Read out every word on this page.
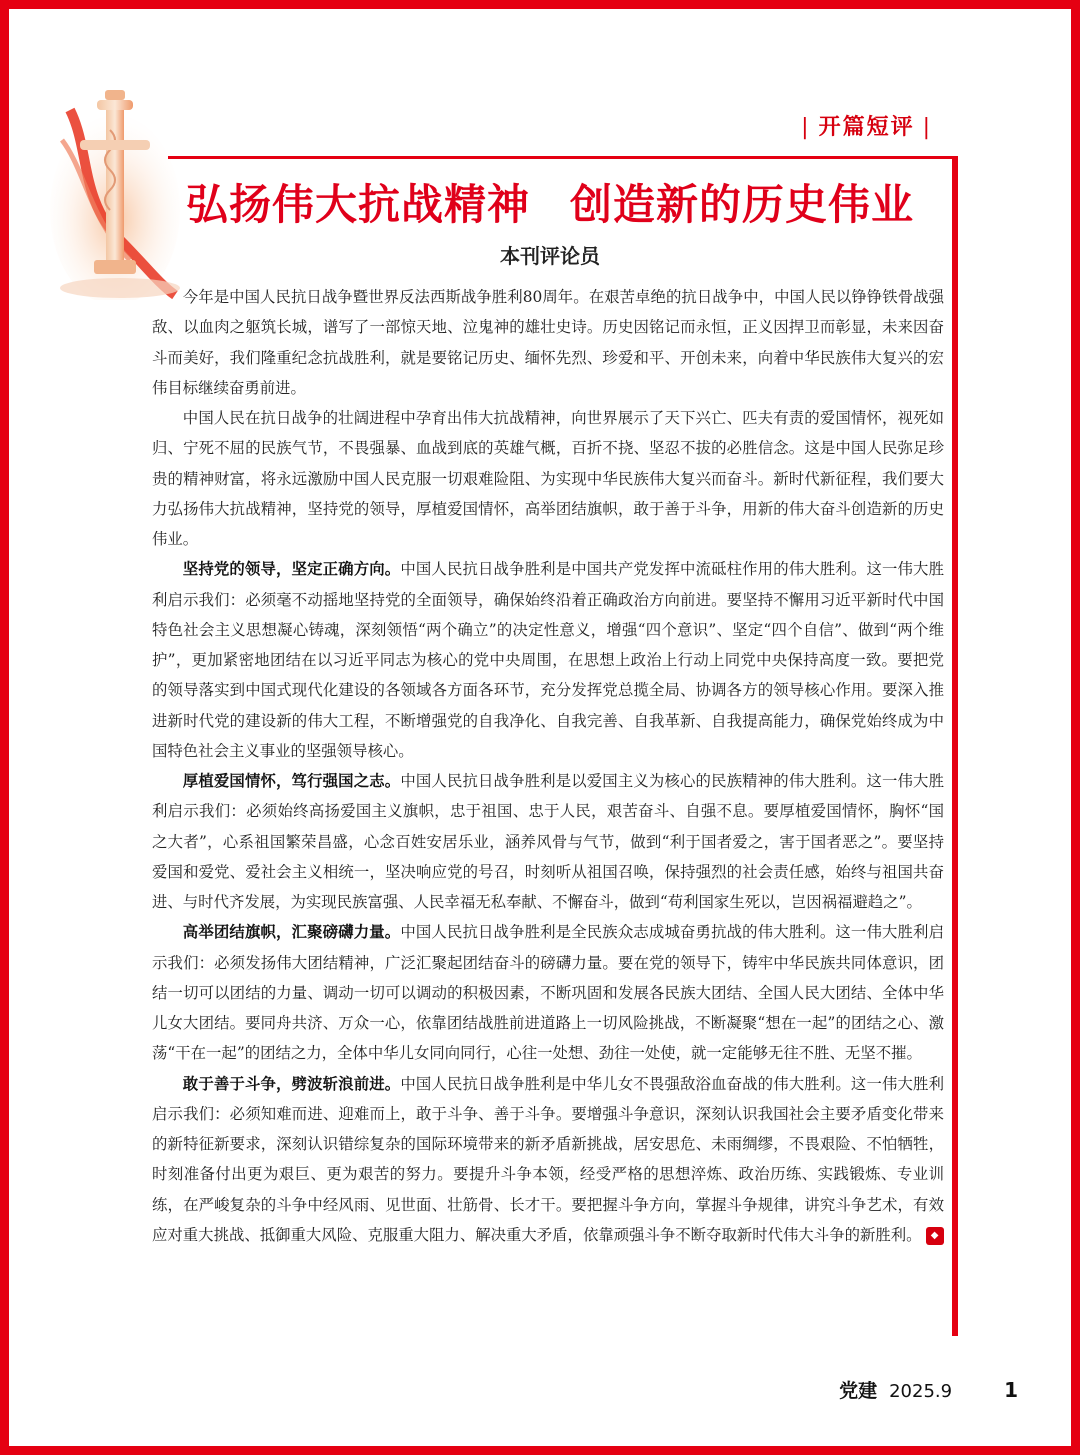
| 开篇短评 |
弘扬伟大抗战精神 创造新的历史伟业
本刊评论员

今年是中国人民抗日战争暨世界反法西斯战争胜利80周年。在艰苦卓绝的抗日战争中，中国人民以铮铮铁骨战强敌、以血肉之躯筑长城，谱写了一部惊天地、泣鬼神的雄壮史诗。历史因铭记而永恒，正义因捍卫而彰显，未来因奋斗而美好，我们隆重纪念抗战胜利，就是要铭记历史、缅怀先烈、珍爱和平、开创未来，向着中华民族伟大复兴的宏伟目标继续奋勇前进。

中国人民在抗日战争的壮阔进程中孕育出伟大抗战精神，向世界展示了天下兴亡、匹夫有责的爱国情怀，视死如归、宁死不屈的民族气节，不畏强暴、血战到底的英雄气概，百折不挠、坚忍不拔的必胜信念。这是中国人民弥足珍贵的精神财富，将永远激励中国人民克服一切艰难险阻、为实现中华民族伟大复兴而奋斗。新时代新征程，我们要大力弘扬伟大抗战精神，坚持党的领导，厚植爱国情怀，高举团结旗帜，敢于善于斗争，用新的伟大奋斗创造新的历史伟业。

坚持党的领导，坚定正确方向。中国人民抗日战争胜利是中国共产党发挥中流砥柱作用的伟大胜利。这一伟大胜利启示我们：必须毫不动摇地坚持党的全面领导，确保始终沿着正确政治方向前进。要坚持不懈用习近平新时代中国特色社会主义思想凝心铸魂，深刻领悟“两个确立”的决定性意义，增强“四个意识”、坚定“四个自信”、做到“两个维护”，更加紧密地团结在以习近平同志为核心的党中央周围，在思想上政治上行动上同党中央保持高度一致。要把党的领导落实到中国式现代化建设的各领域各方面各环节，充分发挥党总揽全局、协调各方的领导核心作用。要深入推进新时代党的建设新的伟大工程，不断增强党的自我净化、自我完善、自我革新、自我提高能力，确保党始终成为中国特色社会主义事业的坚强领导核心。

厚植爱国情怀，笃行强国之志。中国人民抗日战争胜利是以爱国主义为核心的民族精神的伟大胜利。这一伟大胜利启示我们：必须始终高扬爱国主义旗帜，忠于祖国、忠于人民，艰苦奋斗、自强不息。要厚植爱国情怀，胸怀“国之大者”，心系祖国繁荣昌盛，心念百姓安居乐业，涵养风骨与气节，做到“利于国者爱之，害于国者恶之”。要坚持爱国和爱党、爱社会主义相统一，坚决响应党的号召，时刻听从祖国召唤，保持强烈的社会责任感，始终与祖国共奋进、与时代齐发展，为实现民族富强、人民幸福无私奉献、不懈奋斗，做到“苟利国家生死以，岂因祸福避趋之”。

高举团结旗帜，汇聚磅礴力量。中国人民抗日战争胜利是全民族众志成城奋勇抗战的伟大胜利。这一伟大胜利启示我们：必须发扬伟大团结精神，广泛汇聚起团结奋斗的磅礴力量。要在党的领导下，铸牢中华民族共同体意识，团结一切可以团结的力量、调动一切可以调动的积极因素，不断巩固和发展各民族大团结、全国人民大团结、全体中华儿女大团结。要同舟共济、万众一心，依靠团结战胜前进道路上一切风险挑战，不断凝聚“想在一起”的团结之心、激荡“干在一起”的团结之力，全体中华儿女同向同行，心往一处想、劲往一处使，就一定能够无往不胜、无坚不摧。

敢于善于斗争，劈波斩浪前进。中国人民抗日战争胜利是中华儿女不畏强敌浴血奋战的伟大胜利。这一伟大胜利启示我们：必须知难而进、迎难而上，敢于斗争、善于斗争。要增强斗争意识，深刻认识我国社会主要矛盾变化带来的新特征新要求，深刻认识错综复杂的国际环境带来的新矛盾新挑战，居安思危、未雨绸缪，不畏艰险、不怕牺牲，时刻准备付出更为艰巨、更为艰苦的努力。要提升斗争本领，经受严格的思想淬炼、政治历练、实践锻炼、专业训练，在严峻复杂的斗争中经风雨、见世面、壮筋骨、长才干。要把握斗争方向，掌握斗争规律，讲究斗争艺术，有效应对重大挑战、抵御重大风险、克服重大阻力、解决重大矛盾，依靠顽强斗争不断夺取新时代伟大斗争的新胜利。 ◆

党建 2025.9	1
